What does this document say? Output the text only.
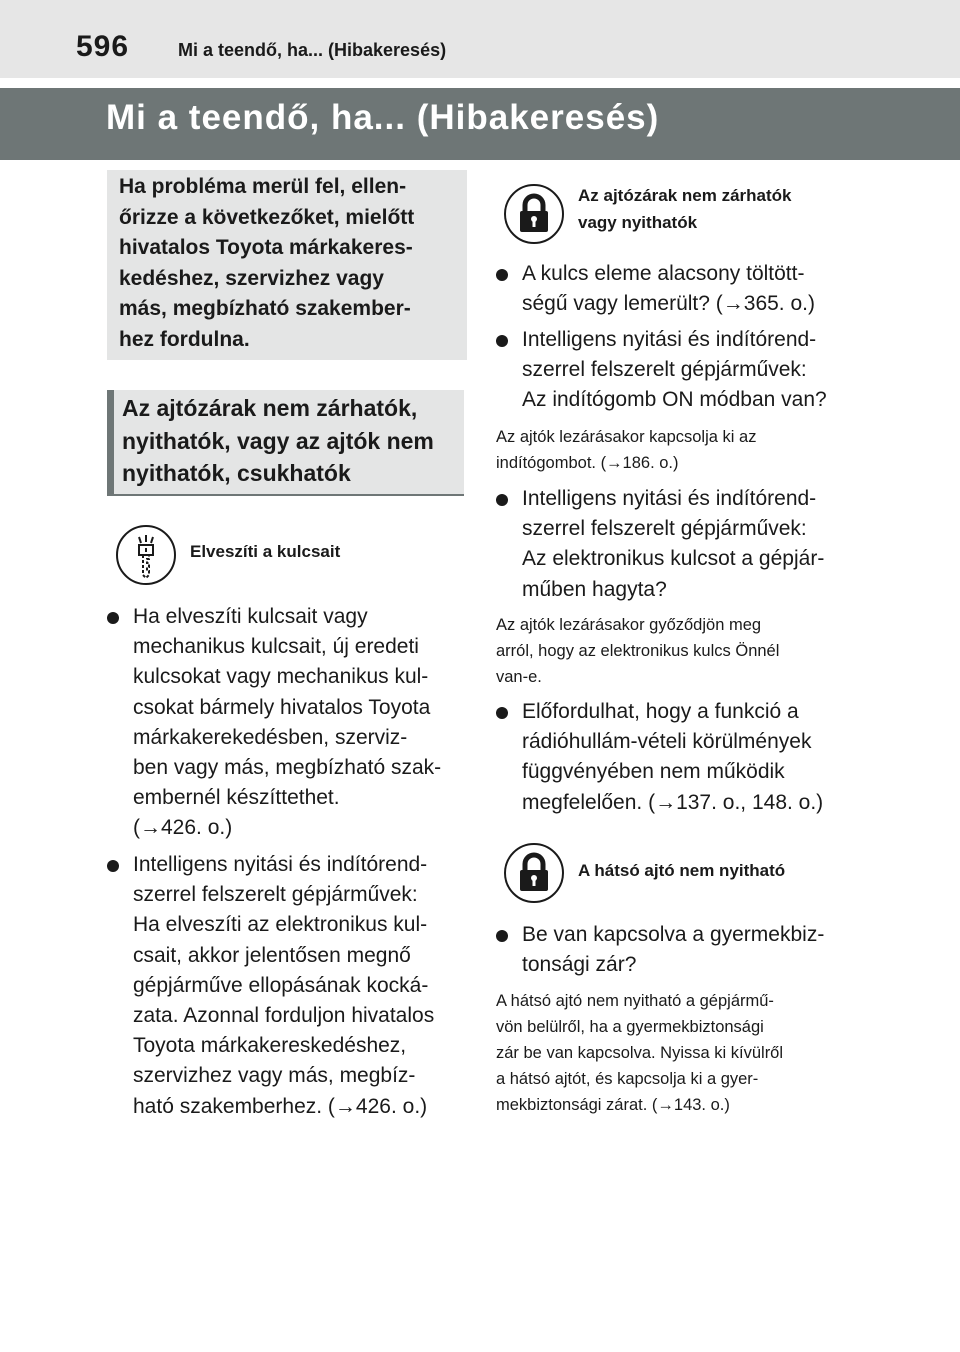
596	Mi a teendő, ha... (Hibakeresés)
Mi a teendő, ha... (Hibakeresés)
Ha probléma merül fel, ellen-
őrizze a következőket, mielőtt
hivatalos Toyota márkakeres-
kedéshez, szervizhez vagy
más, megbízható szakember-
hez fordulna.
Az ajtózárak nem zárhatók,
nyithatók, vagy az ajtók nem
nyithatók, csukhatók
Elveszíti a kulcsait
Ha elveszíti kulcsait vagy
mechanikus kulcsait, új eredeti
kulcsokat vagy mechanikus kul-
csokat bármely hivatalos Toyota
márkakerekedésben, szerviz-
ben vagy más, megbízható szak-
embernél készíttethet.
(→426. o.)
Intelligens nyitási és indítórend-
szerrel felszerelt gépjárművek:
Ha elveszíti az elektronikus kul-
csait, akkor jelentősen megnő
gépjárműve ellopásának kocká-
zata. Azonnal forduljon hivatalos
Toyota márkakereskedéshez,
szervizhez vagy más, megbíz-
ható szakemberhez. (→426. o.)
Az ajtózárak nem zárhatók
vagy nyithatók
A kulcs eleme alacsony töltött-
ségű vagy lemerült? (→365. o.)
Intelligens nyitási és indítórend-
szerrel felszerelt gépjárművek:
Az indítógomb ON módban van?
Az ajtók lezárásakor kapcsolja ki az
indítógombot. (→186. o.)
Intelligens nyitási és indítórend-
szerrel felszerelt gépjárművek:
Az elektronikus kulcsot a gépjár-
műben hagyta?
Az ajtók lezárásakor győződjön meg
arról, hogy az elektronikus kulcs Önnél
van-e.
Előfordulhat, hogy a funkció a
rádióhullám-vételi körülmények
függvényében nem működik
megfelelően. (→137. o., 148. o.)
A hátsó ajtó nem nyitható
Be van kapcsolva a gyermekbiz-
tonsági zár?
A hátsó ajtó nem nyitható a gépjármű-
vön belülről, ha a gyermekbiztonsági
zár be van kapcsolva. Nyissa ki kívülről
a hátsó ajtót, és kapcsolja ki a gyer-
mekbiztonsági zárat. (→143. o.)
